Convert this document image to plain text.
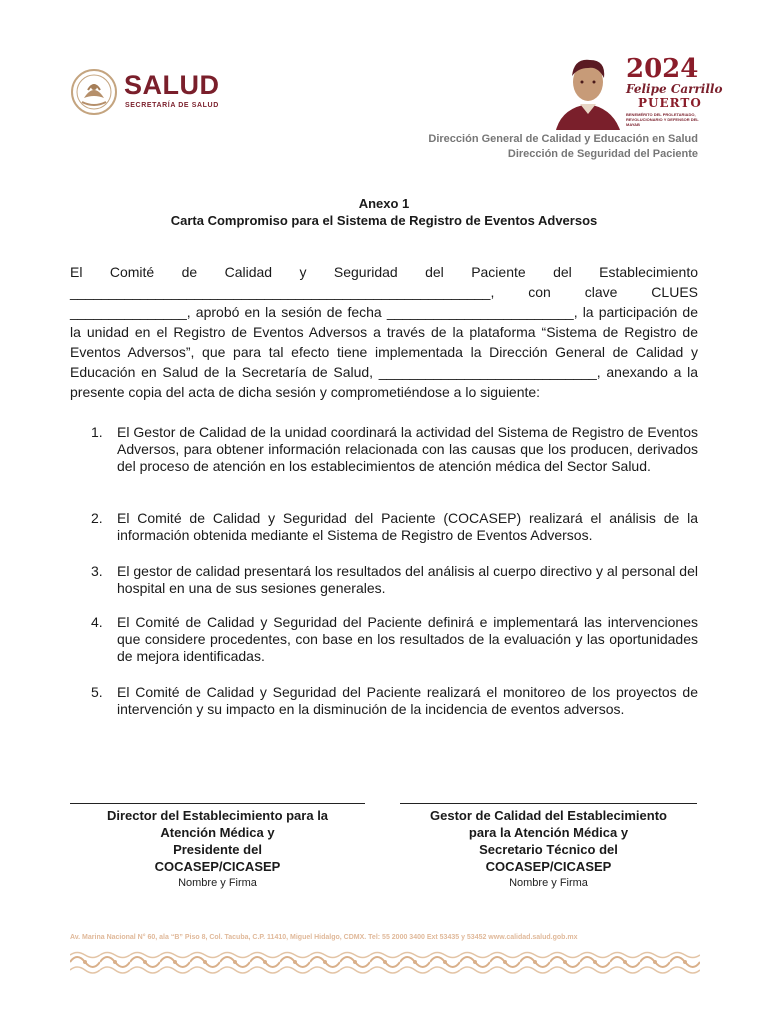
SALUD
SECRETARÍA DE SALUD
2024
Felipe Carrillo
PUERTO
BENEMÉRITO DEL PROLETARIADO, REVOLUCIONARIO Y DEFENSOR DEL MAYAB
Dirección General de Calidad y Educación en Salud
Dirección de Seguridad del Paciente
Anexo 1
Carta Compromiso para el Sistema de Registro de Eventos Adversos
El Comité de Calidad y Seguridad del Paciente del Establecimiento ______________________________________________________, con clave CLUES _______________, aprobó en la sesión de fecha ________________________, la participación de la unidad en el Registro de Eventos Adversos a través de la plataforma “Sistema de Registro de Eventos Adversos”, que para tal efecto tiene implementada la Dirección General de Calidad y Educación en Salud de la Secretaría de Salud, ____________________________, anexando a la presente copia del acta de dicha sesión y comprometiéndose a lo siguiente:
1.	El Gestor de Calidad de la unidad coordinará la actividad del Sistema de Registro de Eventos Adversos, para obtener información relacionada con las causas que los producen, derivados del proceso de atención en los establecimientos de atención médica del Sector Salud.
2.	El Comité de Calidad y Seguridad del Paciente (COCASEP) realizará el análisis de la información obtenida mediante el Sistema de Registro de Eventos Adversos.
3.	El gestor de calidad presentará los resultados del análisis al cuerpo directivo y al personal del hospital en una de sus sesiones generales.
4.	El Comité de Calidad y Seguridad del Paciente definirá e implementará las intervenciones que considere procedentes, con base en los resultados de la evaluación y las oportunidades de mejora identificadas.
5.	El Comité de Calidad y Seguridad del Paciente realizará el monitoreo de los proyectos de intervención y su impacto en la disminución de la incidencia de eventos adversos.
Director del Establecimiento para la
Atención Médica y
Presidente del
COCASEP/CICASEP
Nombre y Firma
Gestor de Calidad del Establecimiento
para la Atención Médica y
Secretario Técnico del
COCASEP/CICASEP
Nombre y Firma
Av. Marina Nacional N° 60, ala “B” Piso 8, Col. Tacuba, C.P. 11410, Miguel Hidalgo, CDMX. Tel: 55 2000 3400 Ext 53435 y 53452 www.calidad.salud.gob.mx
